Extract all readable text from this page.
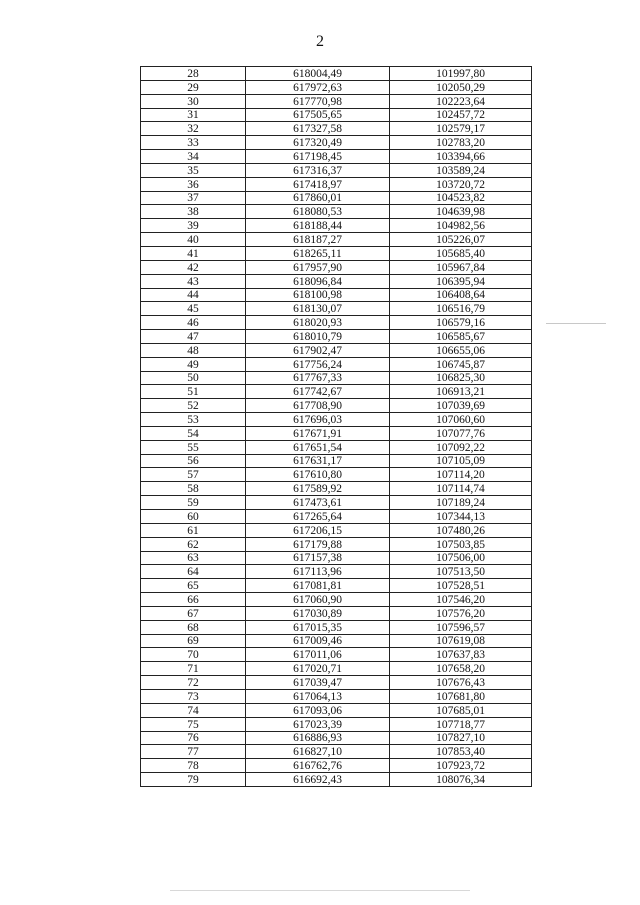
2
28	618004,49	101997,80
29	617972,63	102050,29
30	617770,98	102223,64
31	617505,65	102457,72
32	617327,58	102579,17
33	617320,49	102783,20
34	617198,45	103394,66
35	617316,37	103589,24
36	617418,97	103720,72
37	617860,01	104523,82
38	618080,53	104639,98
39	618188,44	104982,56
40	618187,27	105226,07
41	618265,11	105685,40
42	617957,90	105967,84
43	618096,84	106395,94
44	618100,98	106408,64
45	618130,07	106516,79
46	618020,93	106579,16
47	618010,79	106585,67
48	617902,47	106655,06
49	617756,24	106745,87
50	617767,33	106825,30
51	617742,67	106913,21
52	617708,90	107039,69
53	617696,03	107060,60
54	617671,91	107077,76
55	617651,54	107092,22
56	617631,17	107105,09
57	617610,80	107114,20
58	617589,92	107114,74
59	617473,61	107189,24
60	617265,64	107344,13
61	617206,15	107480,26
62	617179,88	107503,85
63	617157,38	107506,00
64	617113,96	107513,50
65	617081,81	107528,51
66	617060,90	107546,20
67	617030,89	107576,20
68	617015,35	107596,57
69	617009,46	107619,08
70	617011,06	107637,83
71	617020,71	107658,20
72	617039,47	107676,43
73	617064,13	107681,80
74	617093,06	107685,01
75	617023,39	107718,77
76	616886,93	107827,10
77	616827,10	107853,40
78	616762,76	107923,72
79	616692,43	108076,34
